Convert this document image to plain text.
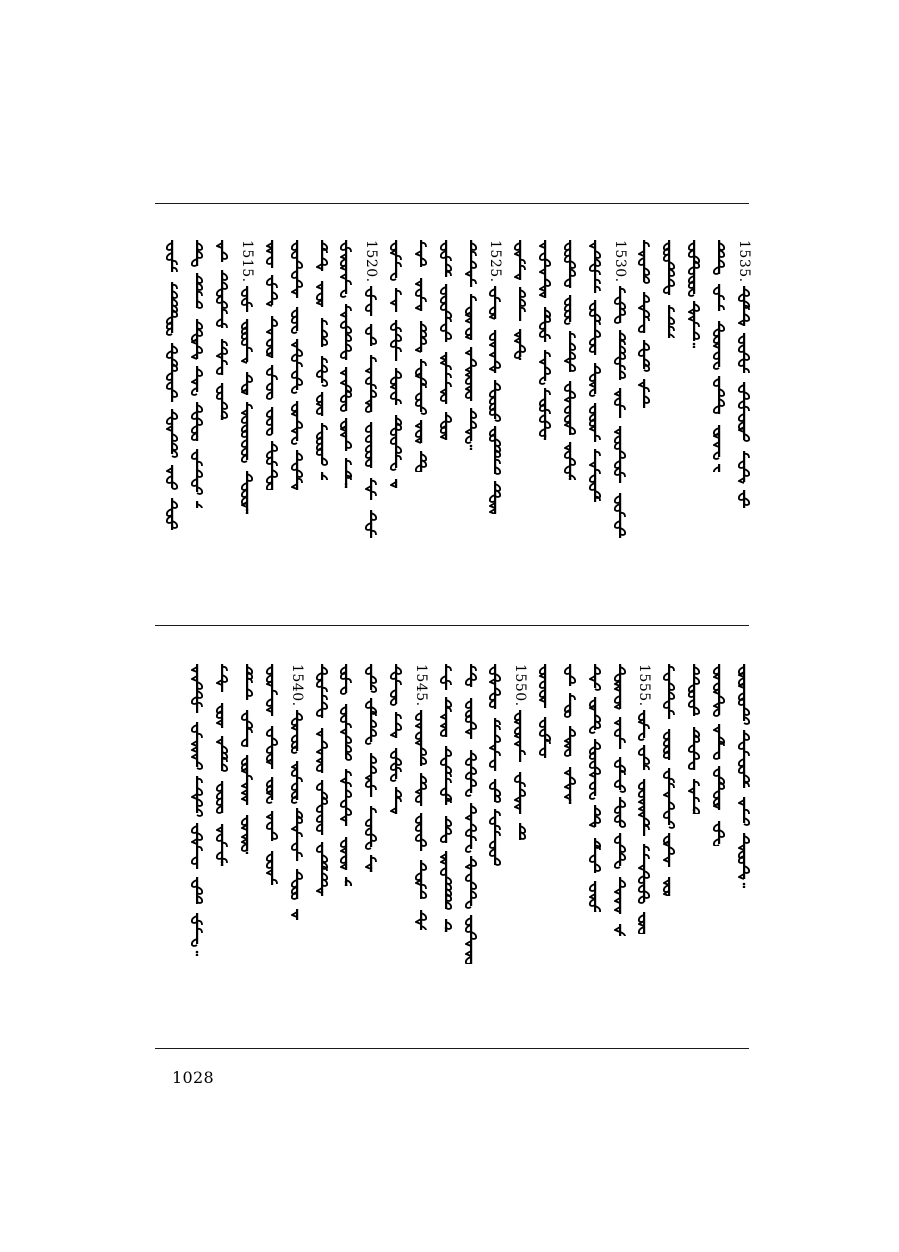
1535.
1530.
1525.
1520.
1515.
1555.
1550.
1545.
1540.
1028
